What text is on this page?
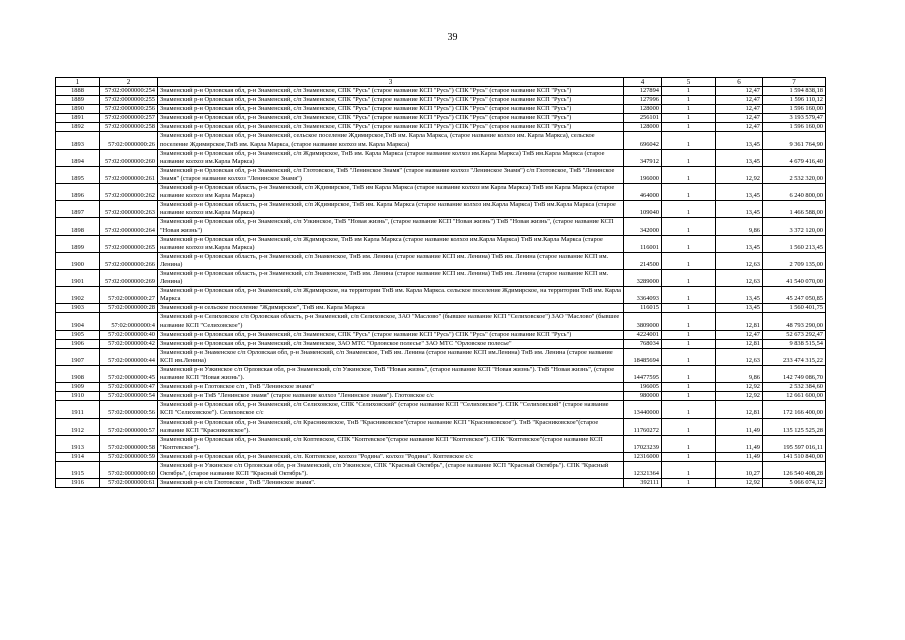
39
1	2	3	4	5	6	7
1888	57:02:0000000:254	Знаменский р-н Орловская обл, р-н Знаменский, с/п Знаменское, СПК "Русь" (старое название КСП "Русь") СПК "Русь" (старое название КСП "Русь")	127894	1	12,47	1 594 838,18
1889	57:02:0000000:255	Знаменский р-н Орловская обл, р-н Знаменский, с/п Знаменское, СПК "Русь" (старое название КСП "Русь") СПК "Русь" (старое название КСП "Русь")	127996	1	12,47	1 596 110,12
1890	57:02:0000000:256	Знаменский р-н Орловская обл, р-н Знаменский, с/п Знаменское, СПК "Русь" (старое название КСП "Русь") СПК "Русь" (старое название КСП "Русь")	128000	1	12,47	1 596 160,00
1891	57:02:0000000:257	Знаменский р-н Орловская обл, р-н Знаменский, с/п Знаменское, СПК "Русь" (старое название КСП "Русь") СПК "Русь" (старое название КСП "Русь")	256101	1	12,47	3 193 579,47
1892	57:02:0000000:258	Знаменский р-н Орловская обл, р-н Знаменский, с/п Знаменское, СПК "Русь" (старое название КСП "Русь") СПК "Русь" (старое название КСП "Русь")	128000	1	12,47	1 596 160,00
1893	57:02:0000000:26	Знаменский р-н Орловская обл, р-н Знаменский, сельское поселение Ждимирское,ТнВ им. Карла Маркса, (старое название колхоз им. Карла Маркса), сельское поселение Ждимирское,ТнВ им. Карла Маркса, (старое название колхоз им. Карла Маркса)	696042	1	13,45	9 361 764,90
1894	57:02:0000000:260	Знаменский р-н Орловская обл, р-н Знаменский, с/п Ждимирское, ТнВ им. Карла Маркса (старое название колхоз им.Карла Маркса) ТнВ им.Карла Маркса (старое название колхоз им.Карла Маркса)	347912	1	13,45	4 679 416,40
1895	57:02:0000000:261	Знаменский р-н Орловская обл, р-н Знаменский, с/п Глотовское, ТнВ "Ленинское Знамя" (старое название колхоз "Ленинское Знамя") с/п Глотовское, ТнВ "Ленинское Знамя" (старое название колхоз "Ленинское Знамя")	196000	1	12,92	2 532 320,00
1896	57:02:0000000:262	Знаменский р-н Орловская область, р-н Знаменский, с/п Ждимирское, ТнВ им Карла Маркса (старое название колхоз им Карла Маркса) ТнВ им Карла Маркса (старое название колхоз им Карла Маркса)	464000	1	13,45	6 240 800,00
1897	57:02:0000000:263	Знаменский р-н Орловская область, р-н Знаменский, с/п Ждимирское, ТнВ им. Карла Маркса (старое название колхоз им.Карла Маркса) ТнВ им.Карла Маркса (старое название колхоз им.Карла Маркса)	109040	1	13,45	1 466 588,00
1898	57:02:0000000:264	Знаменский р-н Орловская обл, р-н Знаменский, с/п Узкинское, ТнВ "Новая жизнь", (старое название КСП "Новая жизнь") ТнВ "Новая жизнь", (старое название КСП "Новая жизнь")	342000	1	9,86	3 372 120,00
1899	57:02:0000000:265	Знаменский р-н Орловская обл, р-н Знаменский, с/п Ждимирское, ТнВ им Карла Маркса (старое название колхоз им.Карла Маркса) ТнВ им.Карла Маркса (старое название колхоз им.Карла Маркса)	116001	1	13,45	1 560 213,45
1900	57:02:0000000:266	Знаменский р-н Орловская область, р-н Знаменский, с/п Знаменское, ТнВ им. Ленина (старое название КСП им. Ленина) ТнВ им. Ленина (старое название КСП им. Ленина)	214500	1	12,63	2 709 135,00
1901	57:02:0000000:269	Знаменский р-н Орловская область, р-н Знаменский, с/п Знаменское, ТнВ им. Ленина (старое название КСП им. Ленина) ТнВ им. Ленина (старое название КСП им. Ленина)	3289000	1	12,63	41 540 070,00
1902	57:02:0000000:27	Знаменский р-н Орловская обл, р-н Знаменский, с/п Ждимирское, на территории ТнВ им. Карла Маркса. сельское поселение Ждимирское, на территории ТнВ им. Карла Маркса	3364093	1	13,45	45 247 050,85
1903	57:02:0000000:28	Знаменский р-н сельское поселение "Ждимирское", ТнВ им. Карла Маркса	116015	1	13,45	1 560 401,75
1904	57:02:0000000:4	Знаменский р-н Селиховское с/п Орловская область, р-н Знаменский, с/п Селиховское, ЗАО "Маслово" (бывшее название КСП "Селиховское") ЗАО "Маслово" (бывшее название КСП "Селиховское")	3809000	1	12,81	48 793 290,00
1905	57:02:0000000:40	Знаменский р-н Орловская обл, р-н Знаменский, с/п Знаменское, СПК "Русь" (старое название КСП "Русь") СПК "Русь" (старое название КСП "Русь")	4224001	1	12,47	52 673 292,47
1906	57:02:0000000:42	Знаменский р-н Орловская обл, р-н Знаменский, с/п Знаменское, ЗАО МТС "Орловское полесье" ЗАО МТС "Орловское полесье"	768034	1	12,81	9 838 515,54
1907	57:02:0000000:44	Знаменский р-н Знаменское с/п Орловская обл, р-н Знаменский, с/п Знаменское, ТнВ им. Ленина (старое название КСП им.Ленина) ТнВ им. Ленина (старое название КСП им.Ленина)	18485694	1	12,63	233 474 315,22
1908	57:02:0000000:45	Знаменский р-н Узкинское с/п Орловская обл, р-н Знаменский, с/п Узкинское, ТнВ "Новая жизнь", (старое название КСП "Новая жизнь"). ТнВ "Новая жизнь", (старое название КСП "Новая жизнь").	14477595	1	9,86	142 749 086,70
1909	57:02:0000000:47	Знаменский р-н Глотовское с/п , ТнВ "Ленинское знамя"	196005	1	12,92	2 532 384,60
1910	57:02:0000000:54	Знаменский р-н ТнВ "Ленинское знамя" (старое название колхоз "Ленинское знамя"). Глотовское с/с	980000	1	12,92	12 661 600,00
1911	57:02:0000000:56	Знаменский р-н Орловская обл, р-н Знаменский, с/п Селиховское, СПК "Селиховский" (старое название КСП "Селиховское"). СПК "Селиховский" (старое название КСП "Селиховское"). Селиховское с/с	13440000	1	12,81	172 166 400,00
1912	57:02:0000000:57	Знаменский р-н Орловская обл, р-н Знаменский, с/п Красниковское, ТнВ "Красниковское"(старое название КСП "Красниковское"). ТнВ "Красниковское"(старое название КСП "Красниковское").	11760272	1	11,49	135 125 525,28
1913	57:02:0000000:58	Знаменский р-н Орловская обл, р-н Знаменский, с/п Коптевское, СПК "Коптевское"(старое название КСП "Коптевское"). СПК "Коптевское"(старое название КСП "Коптевское").	17023239	1	11,49	195 597 016,11
1914	57:02:0000000:59	Знаменский р-н Орловская обл, р-н Знаменский, с/п. Коптевское, колхоз "Родина". колхоз "Родина". Коптевское с/с	12316000	1	11,49	141 510 840,00
1915	57:02:0000000:60	Знаменский р-н Узкинское с/п Орловская обл, р-н Знаменский, с/п Узкинское, СПК "Красный Октябрь", (старое название КСП "Красный Октябрь"). СПК "Красный Октябрь", (старое название КСП "Красный Октябрь").	12321364	1	10,27	126 540 408,28
1916	57:02:0000000:61	Знаменский р-н с/п Глотовское , ТнВ "Ленинское знамя".	392111	1	12,92	5 066 074,12
